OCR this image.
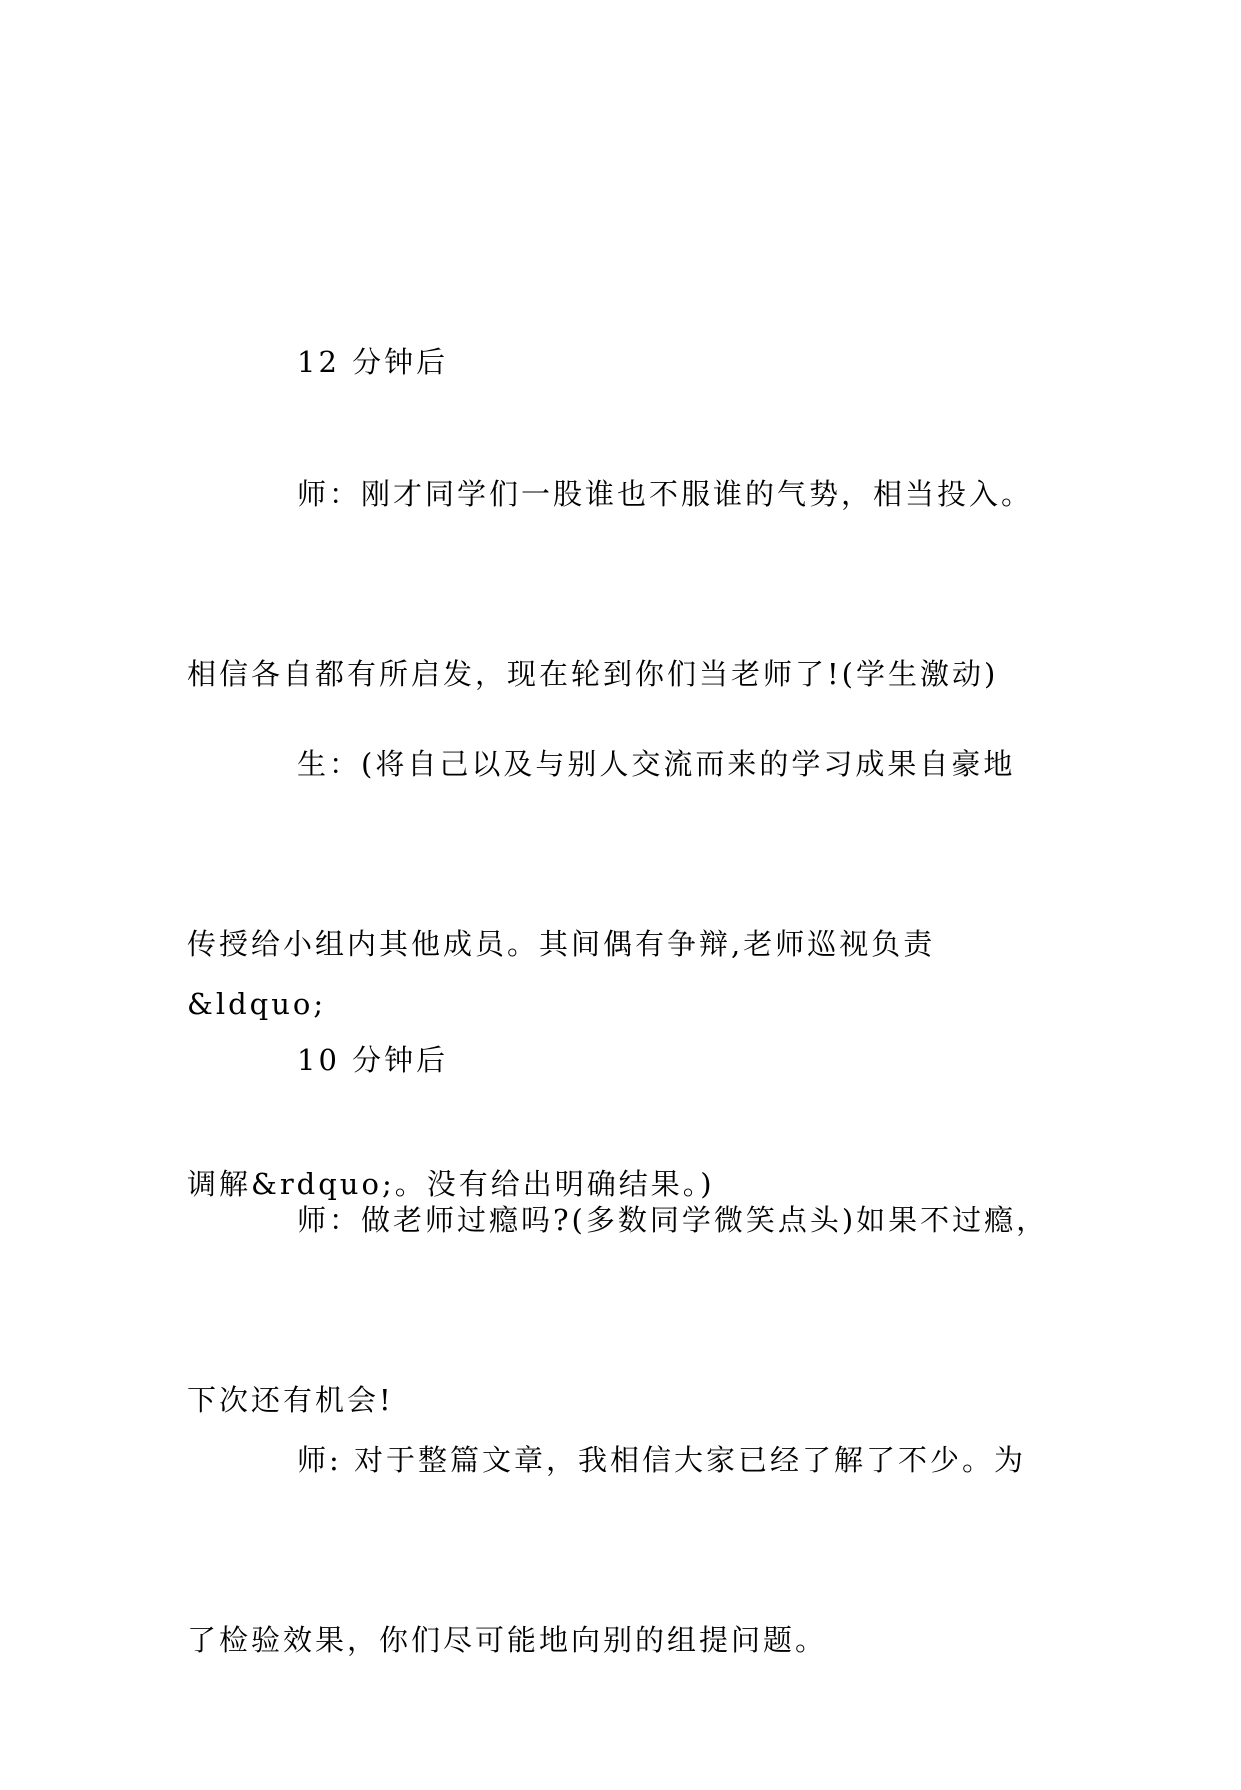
12 分钟后

师：刚才同学们一股谁也不服谁的气势，相当投入。

相信各自都有所启发，现在轮到你们当老师了!(学生激动)

生：(将自己以及与别人交流而来的学习成果自豪地

传授给小组内其他成员。其间偶有争辩,老师巡视负责&ldquo;

调解&rdquo;。没有给出明确结果。)

10 分钟后

师：做老师过瘾吗?(多数同学微笑点头)如果不过瘾，

下次还有机会!

师: 对于整篇文章，我相信大家已经了解了不少。为

了检验效果，你们尽可能地向别的组提问题。
